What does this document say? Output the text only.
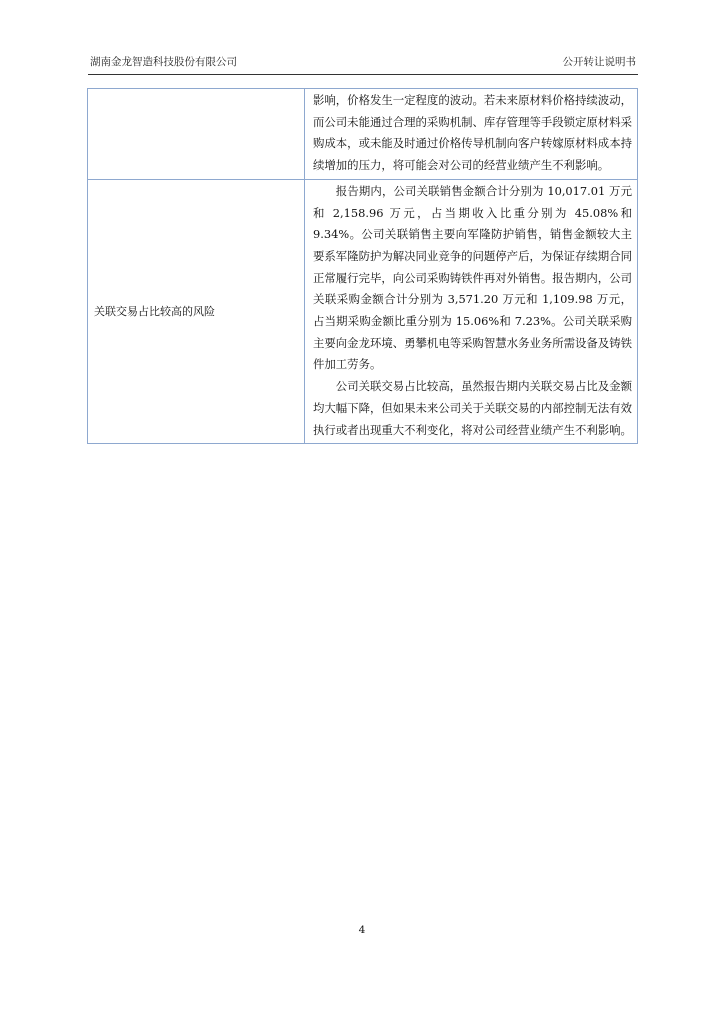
湖南金龙智造科技股份有限公司	公开转让说明书

	影响，价格发生一定程度的波动。若未来原材料价格持续波动，而公司未能通过合理的采购机制、库存管理等手段锁定原材料采购成本，或未能及时通过价格传导机制向客户转嫁原材料成本持续增加的压力，将可能会对公司的经营业绩产生不利影响。

关联交易占比较高的风险	报告期内，公司关联销售金额合计分别为 10,017.01 万元和 2,158.96 万元，占当期收入比重分别为 45.08%和 9.34%。公司关联销售主要向军隆防护销售，销售金额较大主要系军隆防护为解决同业竞争的问题停产后，为保证存续期合同正常履行完毕，向公司采购铸铁件再对外销售。报告期内，公司关联采购金额合计分别为 3,571.20 万元和 1,109.98 万元，占当期采购金额比重分别为 15.06%和 7.23%。公司关联采购主要向金龙环境、勇攀机电等采购智慧水务业务所需设备及铸铁件加工劳务。

公司关联交易占比较高，虽然报告期内关联交易占比及金额均大幅下降，但如果未来公司关于关联交易的内部控制无法有效执行或者出现重大不利变化，将对公司经营业绩产生不利影响。

4
